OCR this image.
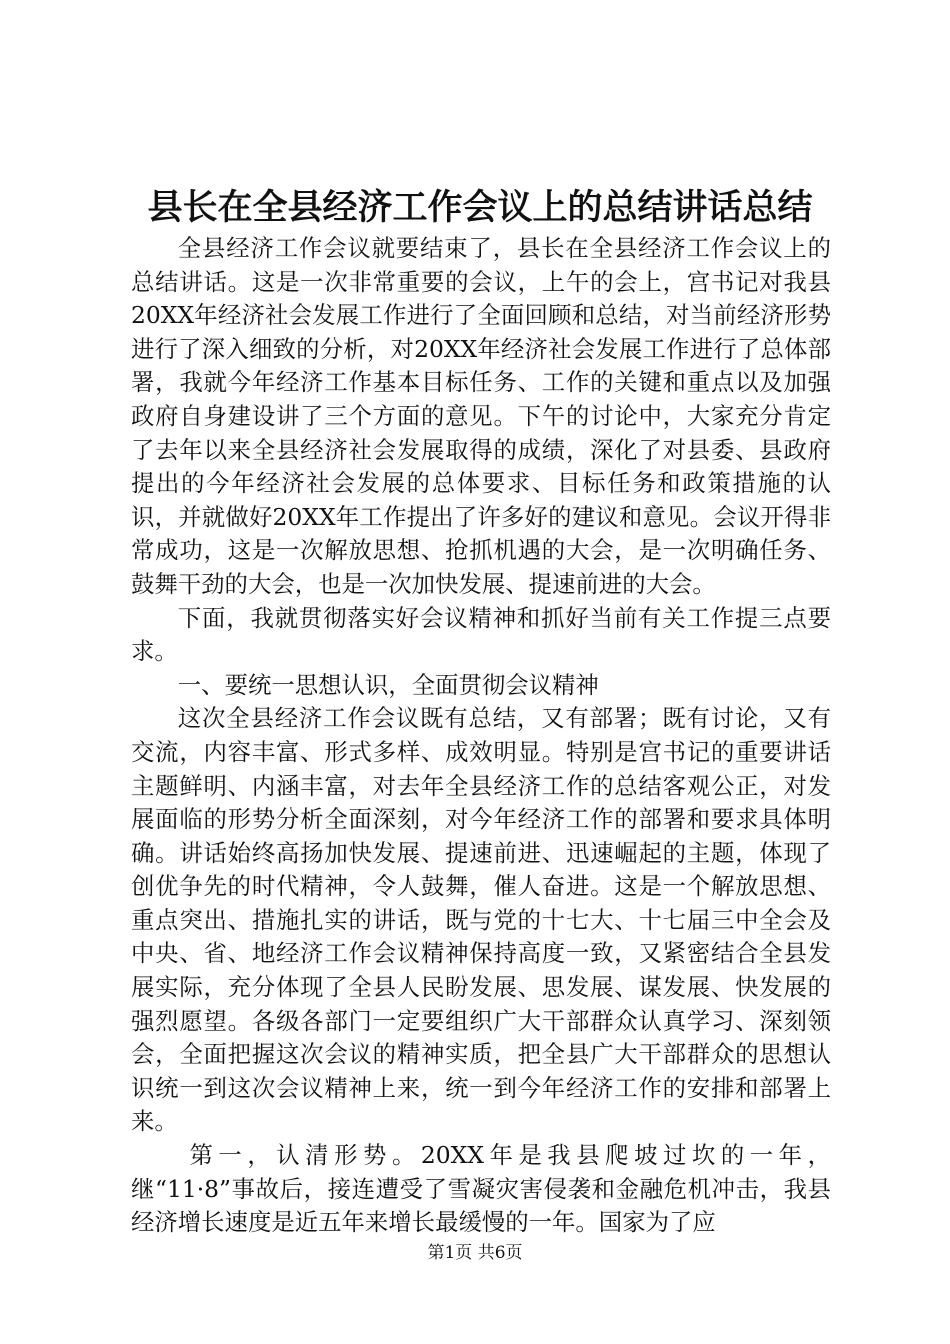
县长在全县经济工作会议上的总结讲话总结

全县经济工作会议就要结束了，县长在全县经济工作会议上的总结讲话。这是一次非常重要的会议，上午的会上，宫书记对我县20XX年经济社会发展工作进行了全面回顾和总结，对当前经济形势进行了深入细致的分析，对20XX年经济社会发展工作进行了总体部署，我就今年经济工作基本目标任务、工作的关键和重点以及加强政府自身建设讲了三个方面的意见。下午的讨论中，大家充分肯定了去年以来全县经济社会发展取得的成绩，深化了对县委、县政府提出的今年经济社会发展的总体要求、目标任务和政策措施的认识，并就做好20XX年工作提出了许多好的建议和意见。会议开得非常成功，这是一次解放思想、抢抓机遇的大会，是一次明确任务、鼓舞干劲的大会，也是一次加快发展、提速前进的大会。

下面，我就贯彻落实好会议精神和抓好当前有关工作提三点要求。

一、要统一思想认识，全面贯彻会议精神

这次全县经济工作会议既有总结，又有部署；既有讨论，又有交流，内容丰富、形式多样、成效明显。特别是宫书记的重要讲话主题鲜明、内涵丰富，对去年全县经济工作的总结客观公正，对发展面临的形势分析全面深刻，对今年经济工作的部署和要求具体明确。讲话始终高扬加快发展、提速前进、迅速崛起的主题，体现了创优争先的时代精神，令人鼓舞，催人奋进。这是一个解放思想、重点突出、措施扎实的讲话，既与党的十七大、十七届三中全会及中央、省、地经济工作会议精神保持高度一致，又紧密结合全县发展实际，充分体现了全县人民盼发展、思发展、谋发展、快发展的强烈愿望。各级各部门一定要组织广大干部群众认真学习、深刻领会，全面把握这次会议的精神实质，把全县广大干部群众的思想认识统一到这次会议精神上来，统一到今年经济工作的安排和部署上来。

第一，认清形势。20XX年是我县爬坡过坎的一年，继“11·8”事故后，接连遭受了雪凝灾害侵袭和金融危机冲击，我县经济增长速度是近五年来增长最缓慢的一年。国家为了应

第1页 共6页
